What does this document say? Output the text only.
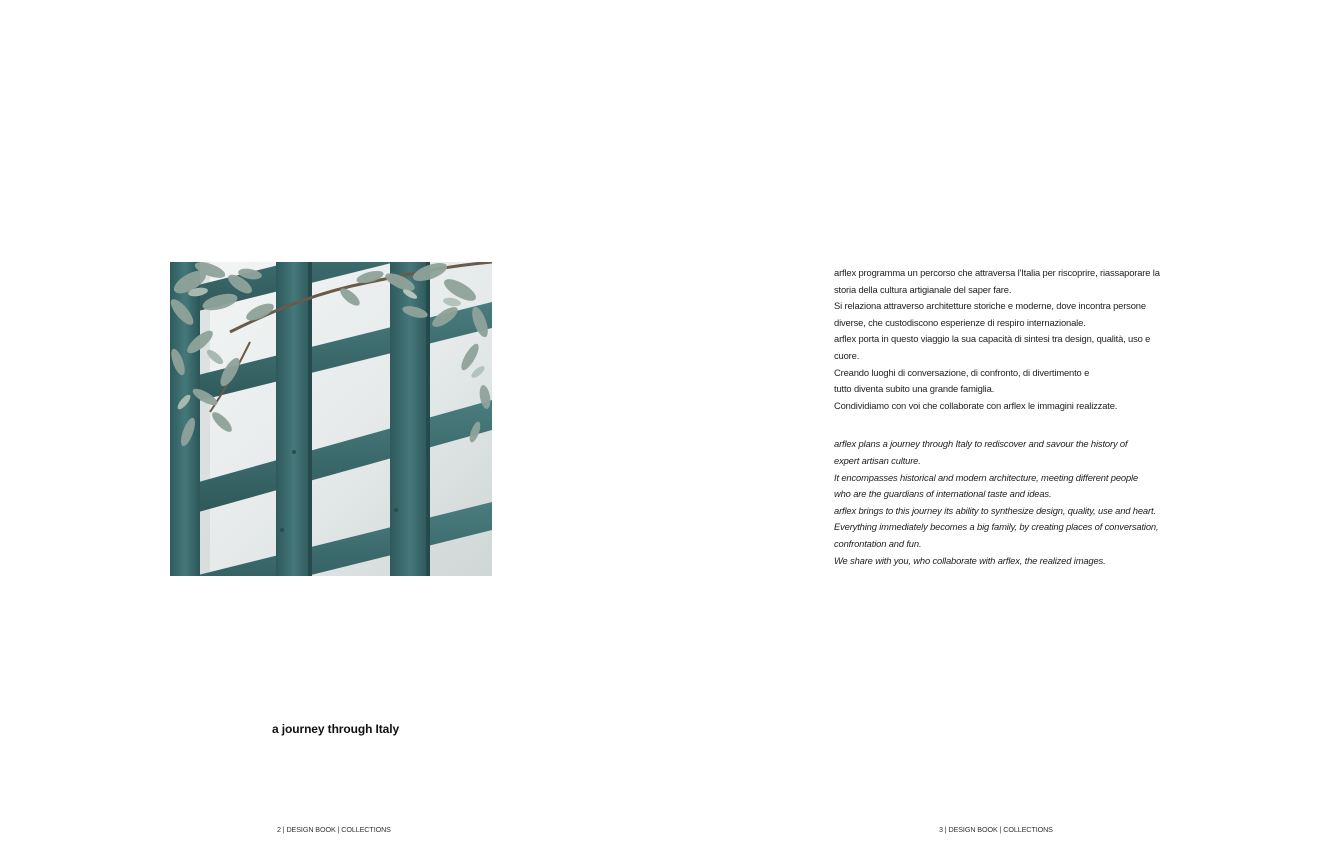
a journey through Italy

arflex programma un percorso che attraversa l'Italia per riscoprire, riassaporare la
storia della cultura artigianale del saper fare.
Si relaziona attraverso architetture storiche e moderne, dove incontra persone
diverse, che custodiscono esperienze di respiro internazionale.
arflex porta in questo viaggio la sua capacità di sintesi tra design, qualità, uso e
cuore.
Creando luoghi di conversazione, di confronto, di divertimento e
tutto diventa subito una grande famiglia.
Condividiamo con voi che collaborate con arflex le immagini realizzate.

arflex plans a journey through Italy to rediscover and savour the history of
expert artisan culture.
It encompasses historical and modern architecture, meeting different people
who are the guardians of international taste and ideas.
arflex brings to this journey its ability to synthesize design, quality, use and heart.
Everything immediately becomes a big family, by creating places of conversation,
confrontation and fun.
We share with you, who collaborate with arflex, the realized images.

2 | DESIGN BOOK | COLLECTIONS	3 | DESIGN BOOK | COLLECTIONS
